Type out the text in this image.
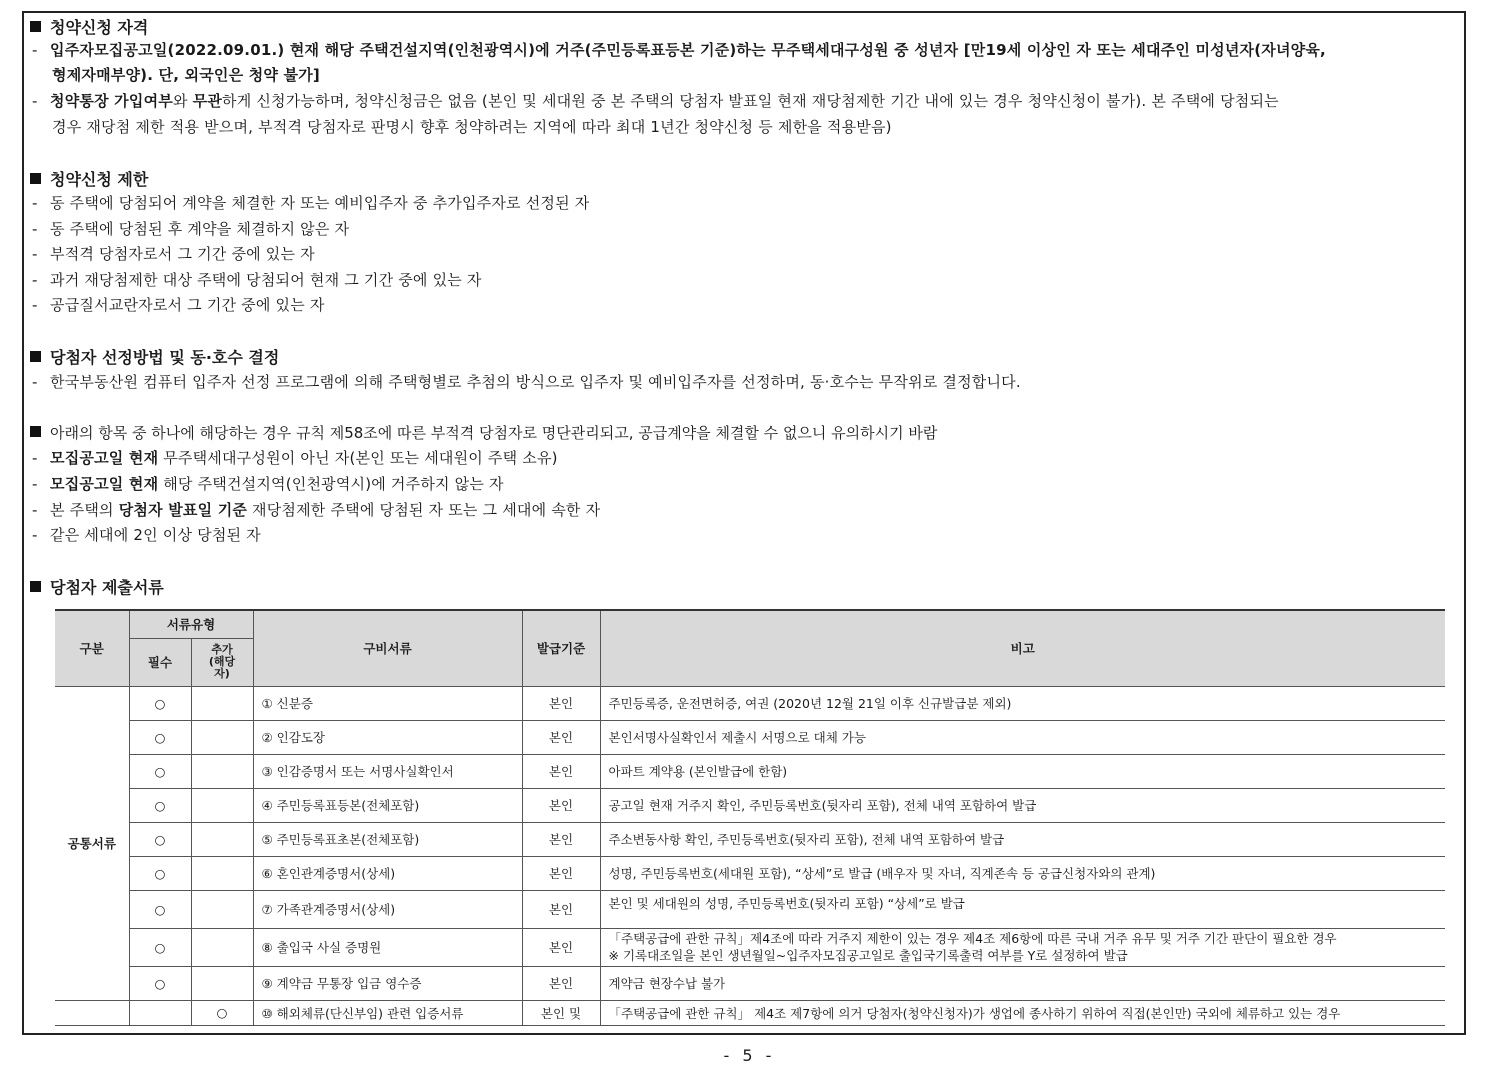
청약신청 자격
- 입주자모집공고일(2022.09.01.) 현재 해당 주택건설지역(인천광역시)에 거주(주민등록표등본 기준)하는 무주택세대구성원 중 성년자 [만19세 이상인 자 또는 세대주인 미성년자(자녀양육,
형제자매부양). 단, 외국인은 청약 불가]
- 청약통장 가입여부와 무관하게 신청가능하며, 청약신청금은 없음 (본인 및 세대원 중 본 주택의 당첨자 발표일 현재 재당첨제한 기간 내에 있는 경우 청약신청이 불가). 본 주택에 당첨되는
경우 재당첨 제한 적용 받으며, 부적격 당첨자로 판명시 향후 청약하려는 지역에 따라 최대 1년간 청약신청 등 제한을 적용받음)
청약신청 제한
- 동 주택에 당첨되어 계약을 체결한 자 또는 예비입주자 중 추가입주자로 선정된 자
- 동 주택에 당첨된 후 계약을 체결하지 않은 자
- 부적격 당첨자로서 그 기간 중에 있는 자
- 과거 재당첨제한 대상 주택에 당첨되어 현재 그 기간 중에 있는 자
- 공급질서교란자로서 그 기간 중에 있는 자
당첨자 선정방법 및 동·호수 결정
- 한국부동산원 컴퓨터 입주자 선정 프로그램에 의해 주택형별로 추첨의 방식으로 입주자 및 예비입주자를 선정하며, 동·호수는 무작위로 결정합니다.
아래의 항목 중 하나에 해당하는 경우 규칙 제58조에 따른 부적격 당첨자로 명단관리되고, 공급계약을 체결할 수 없으니 유의하시기 바람
- 모집공고일 현재 무주택세대구성원이 아닌 자(본인 또는 세대원이 주택 소유)
- 모집공고일 현재 해당 주택건설지역(인천광역시)에 거주하지 않는 자
- 본 주택의 당첨자 발표일 기준 재당첨제한 주택에 당첨된 자 또는 그 세대에 속한 자
- 같은 세대에 2인 이상 당첨된 자
당첨자 제출서류
구분	서류유형		구비서류	발급기준	비고
	필수	추가 (해당자)			
공통서류	○		① 신분증	본인	주민등록증, 운전면허증, 여권 (2020년 12월 21일 이후 신규발급분 제외)
	○		② 인감도장	본인	본인서명사실확인서 제출시 서명으로 대체 가능
	○		③ 인감증명서 또는 서명사실확인서	본인	아파트 계약용 (본인발급에 한함)
	○		④ 주민등록표등본(전체포함)	본인	공고일 현재 거주지 확인, 주민등록번호(뒷자리 포함), 전체 내역 포함하여 발급
	○		⑤ 주민등록표초본(전체포함)	본인	주소변동사항 확인, 주민등록번호(뒷자리 포함), 전체 내역 포함하여 발급
	○		⑥ 혼인관계증명서(상세)	본인	성명, 주민등록번호(세대원 포함), “상세”로 발급 (배우자 및 자녀, 직계존속 등 공급신청자와의 관계)
	○		⑦ 가족관계증명서(상세)	본인	본인 및 세대원의 성명, 주민등록번호(뒷자리 포함) “상세”로 발급
	○		⑧ 출입국 사실 증명원	본인	「주택공급에 관한 규칙」제4조에 따라 거주지 제한이 있는 경우 제4조 제6항에 따른 국내 거주 유무 및 거주 기간 판단이 필요한 경우
※ 기록대조일을 본인 생년월일~입주자모집공고일로 출입국기록출력 여부를 Y로 설정하여 발급

	○		⑨ 계약금 무통장 입금 영수증	본인	계약금 현장수납 불가
		○	⑩ 해외체류(단신부임) 관련 입증서류	본인 및	「주택공급에 관한 규칙」 제4조 제7항에 의거 당첨자(청약신청자)가 생업에 종사하기 위하여 직접(본인만) 국외에 체류하고 있는 경우
- 5 -
